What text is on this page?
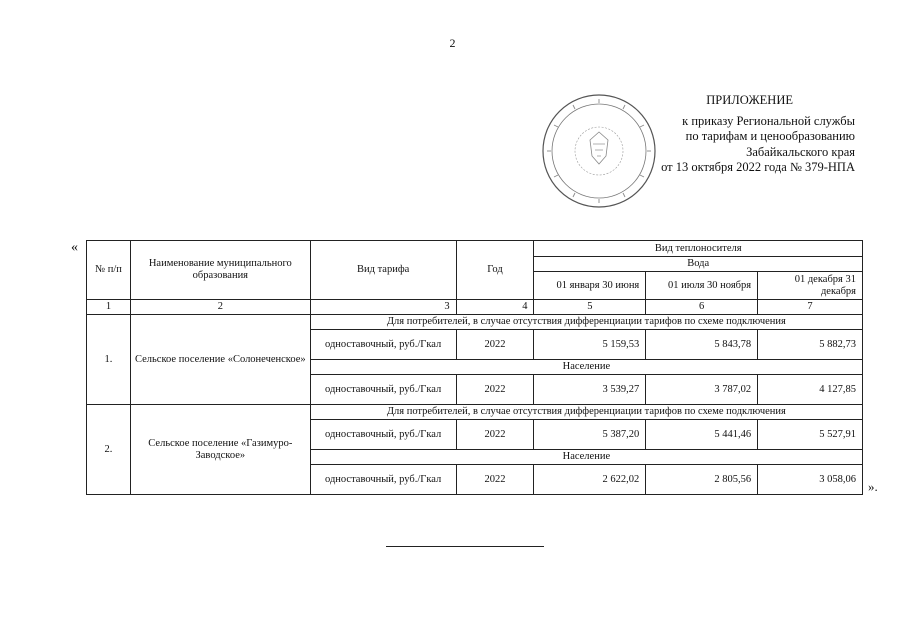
2
ПРИЛОЖЕНИЕ
к приказу Региональной службы
по тарифам и ценообразованию
Забайкальского края
от 13 октября 2022 года № 379-НПА
«
№ п/п	Наименование муниципального образования	Вид тарифа	Год	Вид теплоносителя		
				Вода		
				01 января 30 июня	01 июля 30 ноября	01 декабря 31 декабря
1	2	3	4	5	6	7
1.	Сельское поселение «Солонеченское»	Для потребителей, в случае отсутствия дифференциации тарифов по схеме подключения				
		одноставочный, руб./Гкал	2022	5 159,53	5 843,78	5 882,73
		Население				
		одноставочный, руб./Гкал	2022	3 539,27	3 787,02	4 127,85
2.	Сельское поселение «Газимуро-Заводское»	Для потребителей, в случае отсутствия дифференциации тарифов по схеме подключения				
		одноставочный, руб./Гкал	2022	5 387,20	5 441,46	5 527,91
		Население				
		одноставочный, руб./Гкал	2022	2 622,02	2 805,56	3 058,06 ».
